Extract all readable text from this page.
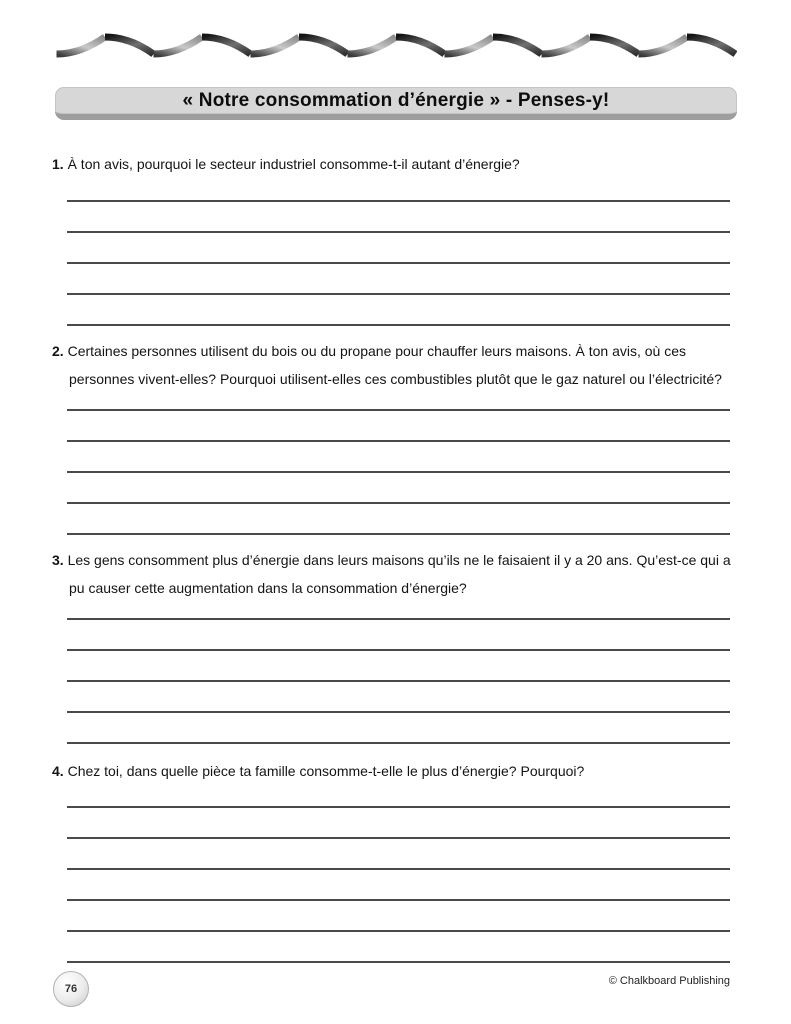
« Notre consommation d’énergie » - Penses-y!
1. À ton avis, pourquoi le secteur industriel consomme-t-il autant d’énergie?
2. Certaines personnes utilisent du bois ou du propane pour chauffer leurs maisons. À ton avis, où ces personnes vivent-elles? Pourquoi utilisent-elles ces combustibles plutôt que le gaz naturel ou l’électricité?
3. Les gens consomment plus d’énergie dans leurs maisons qu’ils ne le faisaient il y a 20 ans. Qu’est-ce qui a pu causer cette augmentation dans la consommation d’énergie?
4. Chez toi, dans quelle pièce ta famille consomme-t-elle le plus d’énergie? Pourquoi?
76
© Chalkboard Publishing
